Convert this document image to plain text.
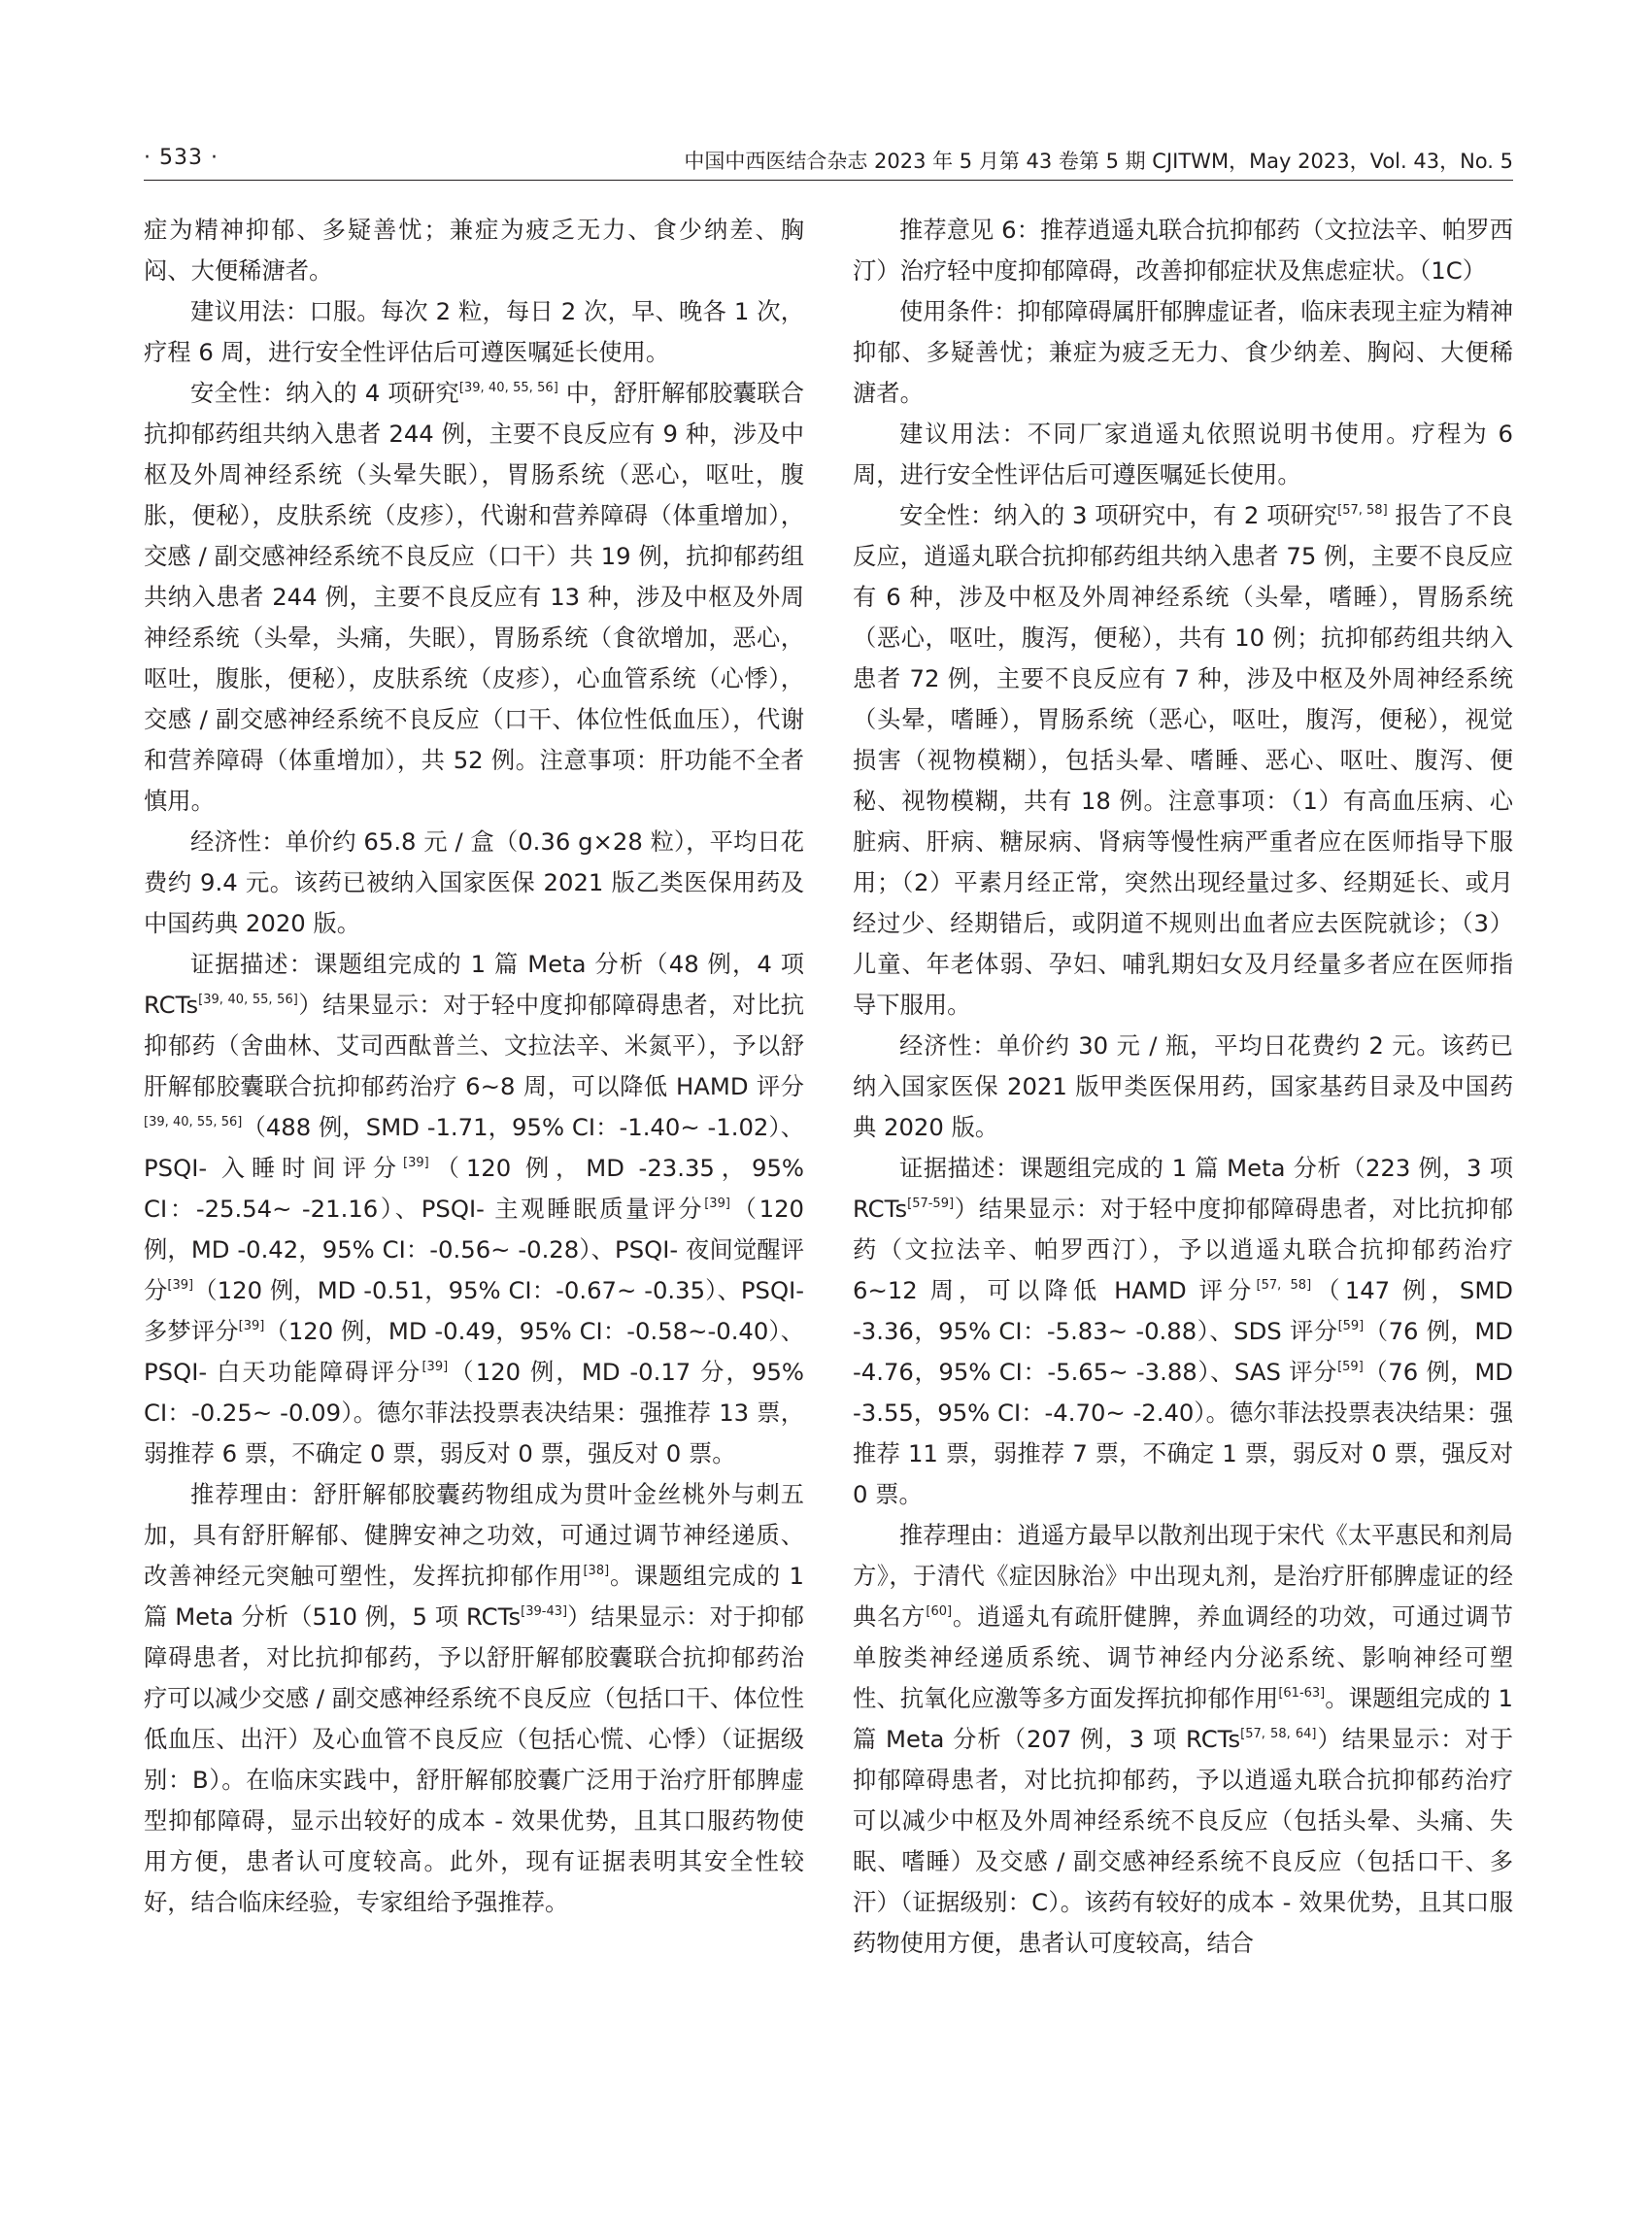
· 533 ·	中国中西医结合杂志 2023 年 5 月第 43 卷第 5 期 CJITWM，May 2023，Vol. 43，No. 5

症为精神抑郁、多疑善忧；兼症为疲乏无力、食少纳差、胸闷、大便稀溏者。

建议用法：口服。每次 2 粒，每日 2 次，早、晚各 1 次，疗程 6 周，进行安全性评估后可遵医嘱延长使用。

安全性：纳入的 4 项研究[39, 40, 55, 56] 中，舒肝解郁胶囊联合抗抑郁药组共纳入患者 244 例，主要不良反应有 9 种，涉及中枢及外周神经系统（头晕失眠），胃肠系统（恶心，呕吐，腹胀，便秘），皮肤系统（皮疹），代谢和营养障碍（体重增加），交感 / 副交感神经系统不良反应（口干）共 19 例，抗抑郁药组共纳入患者 244 例，主要不良反应有 13 种，涉及中枢及外周神经系统（头晕，头痛，失眠），胃肠系统（食欲增加，恶心，呕吐，腹胀，便秘），皮肤系统（皮疹），心血管系统（心悸），交感 / 副交感神经系统不良反应（口干、体位性低血压），代谢和营养障碍（体重增加），共 52 例。注意事项：肝功能不全者慎用。

经济性：单价约 65.8 元 / 盒（0.36 g×28 粒），平均日花费约 9.4 元。该药已被纳入国家医保 2021 版乙类医保用药及中国药典 2020 版。

证据描述：课题组完成的 1 篇 Meta 分析（48 例，4 项 RCTs[39, 40, 55, 56]）结果显示：对于轻中度抑郁障碍患者，对比抗抑郁药（舍曲林、艾司西酞普兰、文拉法辛、米氮平），予以舒肝解郁胶囊联合抗抑郁药治疗 6~8 周，可以降低 HAMD 评分[39, 40, 55, 56]（488 例，SMD -1.71，95% CI：-1.40~ -1.02）、PSQI- 入睡时间评分[39]（120 例，MD -23.35，95% CI：-25.54~ -21.16）、PSQI- 主观睡眠质量评分[39]（120 例，MD -0.42，95% CI：-0.56~ -0.28）、PSQI- 夜间觉醒评分[39]（120 例，MD -0.51，95% CI：-0.67~ -0.35）、PSQI- 多梦评分[39]（120 例，MD -0.49，95% CI：-0.58~-0.40）、PSQI- 白天功能障碍评分[39]（120 例，MD -0.17 分，95% CI：-0.25~ -0.09）。德尔菲法投票表决结果：强推荐 13 票，弱推荐 6 票，不确定 0 票，弱反对 0 票，强反对 0 票。

推荐理由：舒肝解郁胶囊药物组成为贯叶金丝桃外与刺五加，具有舒肝解郁、健脾安神之功效，可通过调节神经递质、改善神经元突触可塑性，发挥抗抑郁作用[38]。课题组完成的 1 篇 Meta 分析（510 例，5 项 RCTs[39-43]）结果显示：对于抑郁障碍患者，对比抗抑郁药，予以舒肝解郁胶囊联合抗抑郁药治疗可以减少交感 / 副交感神经系统不良反应（包括口干、体位性低血压、出汗）及心血管不良反应（包括心慌、心悸）（证据级别：B）。在临床实践中，舒肝解郁胶囊广泛用于治疗肝郁脾虚型抑郁障碍，显示出较好的成本 - 效果优势，且其口服药物使用方便，患者认可度较高。此外，现有证据表明其安全性较好，结合临床经验，专家组给予强推荐。

推荐意见 6：推荐逍遥丸联合抗抑郁药（文拉法辛、帕罗西汀）治疗轻中度抑郁障碍，改善抑郁症状及焦虑症状。（1C）

使用条件：抑郁障碍属肝郁脾虚证者，临床表现主症为精神抑郁、多疑善忧；兼症为疲乏无力、食少纳差、胸闷、大便稀溏者。

建议用法：不同厂家逍遥丸依照说明书使用。疗程为 6 周，进行安全性评估后可遵医嘱延长使用。

安全性：纳入的 3 项研究中，有 2 项研究[57, 58] 报告了不良反应，逍遥丸联合抗抑郁药组共纳入患者 75 例，主要不良反应有 6 种，涉及中枢及外周神经系统（头晕，嗜睡），胃肠系统（恶心，呕吐，腹泻，便秘），共有 10 例；抗抑郁药组共纳入患者 72 例，主要不良反应有 7 种，涉及中枢及外周神经系统（头晕，嗜睡），胃肠系统（恶心，呕吐，腹泻，便秘），视觉损害（视物模糊），包括头晕、嗜睡、恶心、呕吐、腹泻、便秘、视物模糊，共有 18 例。注意事项：（1）有高血压病、心脏病、肝病、糖尿病、肾病等慢性病严重者应在医师指导下服用；（2）平素月经正常，突然出现经量过多、经期延长、或月经过少、经期错后，或阴道不规则出血者应去医院就诊；（3）儿童、年老体弱、孕妇、哺乳期妇女及月经量多者应在医师指导下服用。

经济性：单价约 30 元 / 瓶，平均日花费约 2 元。该药已纳入国家医保 2021 版甲类医保用药，国家基药目录及中国药典 2020 版。

证据描述：课题组完成的 1 篇 Meta 分析（223 例，3 项 RCTs[57-59]）结果显示：对于轻中度抑郁障碍患者，对比抗抑郁药（文拉法辛、帕罗西汀），予以逍遥丸联合抗抑郁药治疗 6~12 周，可以降低 HAMD 评分[57, 58]（147 例，SMD -3.36，95% CI：-5.83~ -0.88）、SDS 评分[59]（76 例，MD -4.76，95% CI：-5.65~ -3.88）、SAS 评分[59]（76 例，MD -3.55，95% CI：-4.70~ -2.40）。德尔菲法投票表决结果：强推荐 11 票，弱推荐 7 票，不确定 1 票，弱反对 0 票，强反对 0 票。

推荐理由：逍遥方最早以散剂出现于宋代《太平惠民和剂局方》，于清代《症因脉治》中出现丸剂，是治疗肝郁脾虚证的经典名方[60]。逍遥丸有疏肝健脾，养血调经的功效，可通过调节单胺类神经递质系统、调节神经内分泌系统、影响神经可塑性、抗氧化应激等多方面发挥抗抑郁作用[61-63]。课题组完成的 1 篇 Meta 分析（207 例，3 项 RCTs[57, 58, 64]）结果显示：对于抑郁障碍患者，对比抗抑郁药，予以逍遥丸联合抗抑郁药治疗可以减少中枢及外周神经系统不良反应（包括头晕、头痛、失眠、嗜睡）及交感 / 副交感神经系统不良反应（包括口干、多汗）（证据级别：C）。该药有较好的成本 - 效果优势，且其口服药物使用方便，患者认可度较高，结合
